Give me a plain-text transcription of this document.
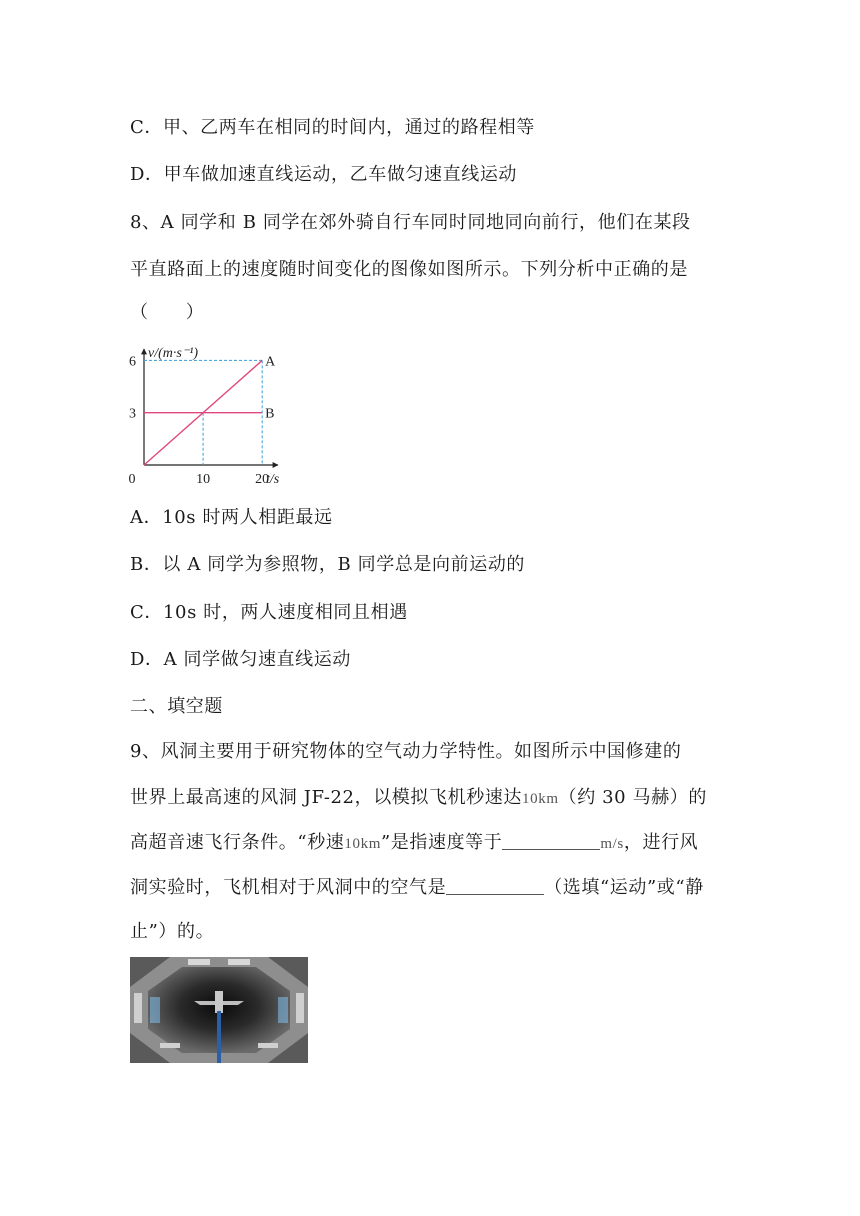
C．甲、乙两车在相同的时间内，通过的路程相等
D．甲车做加速直线运动，乙车做匀速直线运动
8、A 同学和 B 同学在郊外骑自行车同时同地同向前行，他们在某段
平直路面上的速度随时间变化的图像如图所示。下列分析中正确的是
（　　）
A
B
6
3
0	10	20
v/(m·s⁻¹)
t/s
A．10s 时两人相距最远
B．以 A 同学为参照物，B 同学总是向前运动的
C．10s 时，两人速度相同且相遇
D．A 同学做匀速直线运动
二、填空题
9、风洞主要用于研究物体的空气动力学特性。如图所示中国修建的
世界上最高速的风洞 JF-22，以模拟飞机秒速达10km（约 30 马赫）的
高超音速飞行条件。“秒速10km”是指速度等于	m/s，进行风
洞实验时，飞机相对于风洞中的空气是	（选填“运动”或“静
止”）的。
